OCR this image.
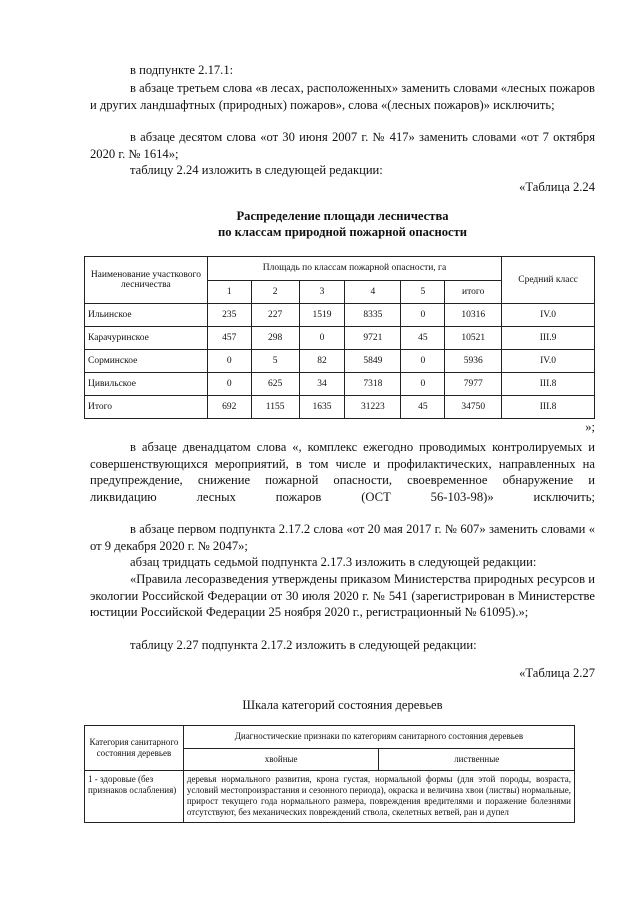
в подпункте 2.17.1:

в абзаце третьем слова «в лесах, расположенных» заменить словами «лесных пожаров и других ландшафтных (природных) пожаров», слова «(лесных пожаров)» исключить;

в абзаце десятом слова «от 30 июня 2007 г. № 417» заменить словами «от 7 октября 2020 г. № 1614»;

таблицу 2.24 изложить в следующей редакции:

«Таблица 2.24
Распределение площади лесничества
по классам природной пожарной опасности
Наименование участкового лесничества	Площадь по классам пожарной опасности, га						Средний класс
	1	2	3	4	5	итого	
Ильинское	235	227	1519	8335	0	10316	IV.0
Карачуринское	457	298	0	9721	45	10521	III.9
Сорминское	0	5	82	5849	0	5936	IV.0
Цивильское	0	625	34	7318	0	7977	III.8
Итого	692	1155	1635	31223	45	34750	III.8
»;

в абзаце двенадцатом слова «, комплекс ежегодно проводимых контролируемых и совершенствующихся мероприятий, в том числе и профилактических, направленных на предупреждение, снижение пожарной опасности, своевременное обнаружение и ликвидацию лесных пожаров (ОСТ 56-103-98)» исключить;

в абзаце первом подпункта 2.17.2 слова «от 20 мая 2017 г. № 607» заменить словами « от 9 декабря 2020 г. № 2047»;

абзац тридцать седьмой подпункта 2.17.3 изложить в следующей редакции:

«Правила лесоразведения утверждены приказом Министерства природных ресурсов и экологии Российской Федерации от 30 июля 2020 г. № 541 (зарегистрирован в Министерстве юстиции Российской Федерации 25 ноября 2020 г., регистрационный № 61095).»;

таблицу 2.27 подпункта 2.17.2 изложить в следующей редакции:

«Таблица 2.27
Шкала категорий состояния деревьев
Категория санитарного состояния деревьев	Диагностические признаки по категориям санитарного состояния деревьев	
	хвойные	лиственные
1 - здоровые (без признаков ослабления)	деревья нормального развития, крона густая, нормальной формы (для этой породы, возраста, условий местопроизрастания и сезонного периода), окраска и величина хвои (листвы) нормальные, прирост текущего года нормального размера, повреждения вредителями и поражение болезнями отсутствуют, без механических повреждений ствола, скелетных ветвей, ран и дупел	
